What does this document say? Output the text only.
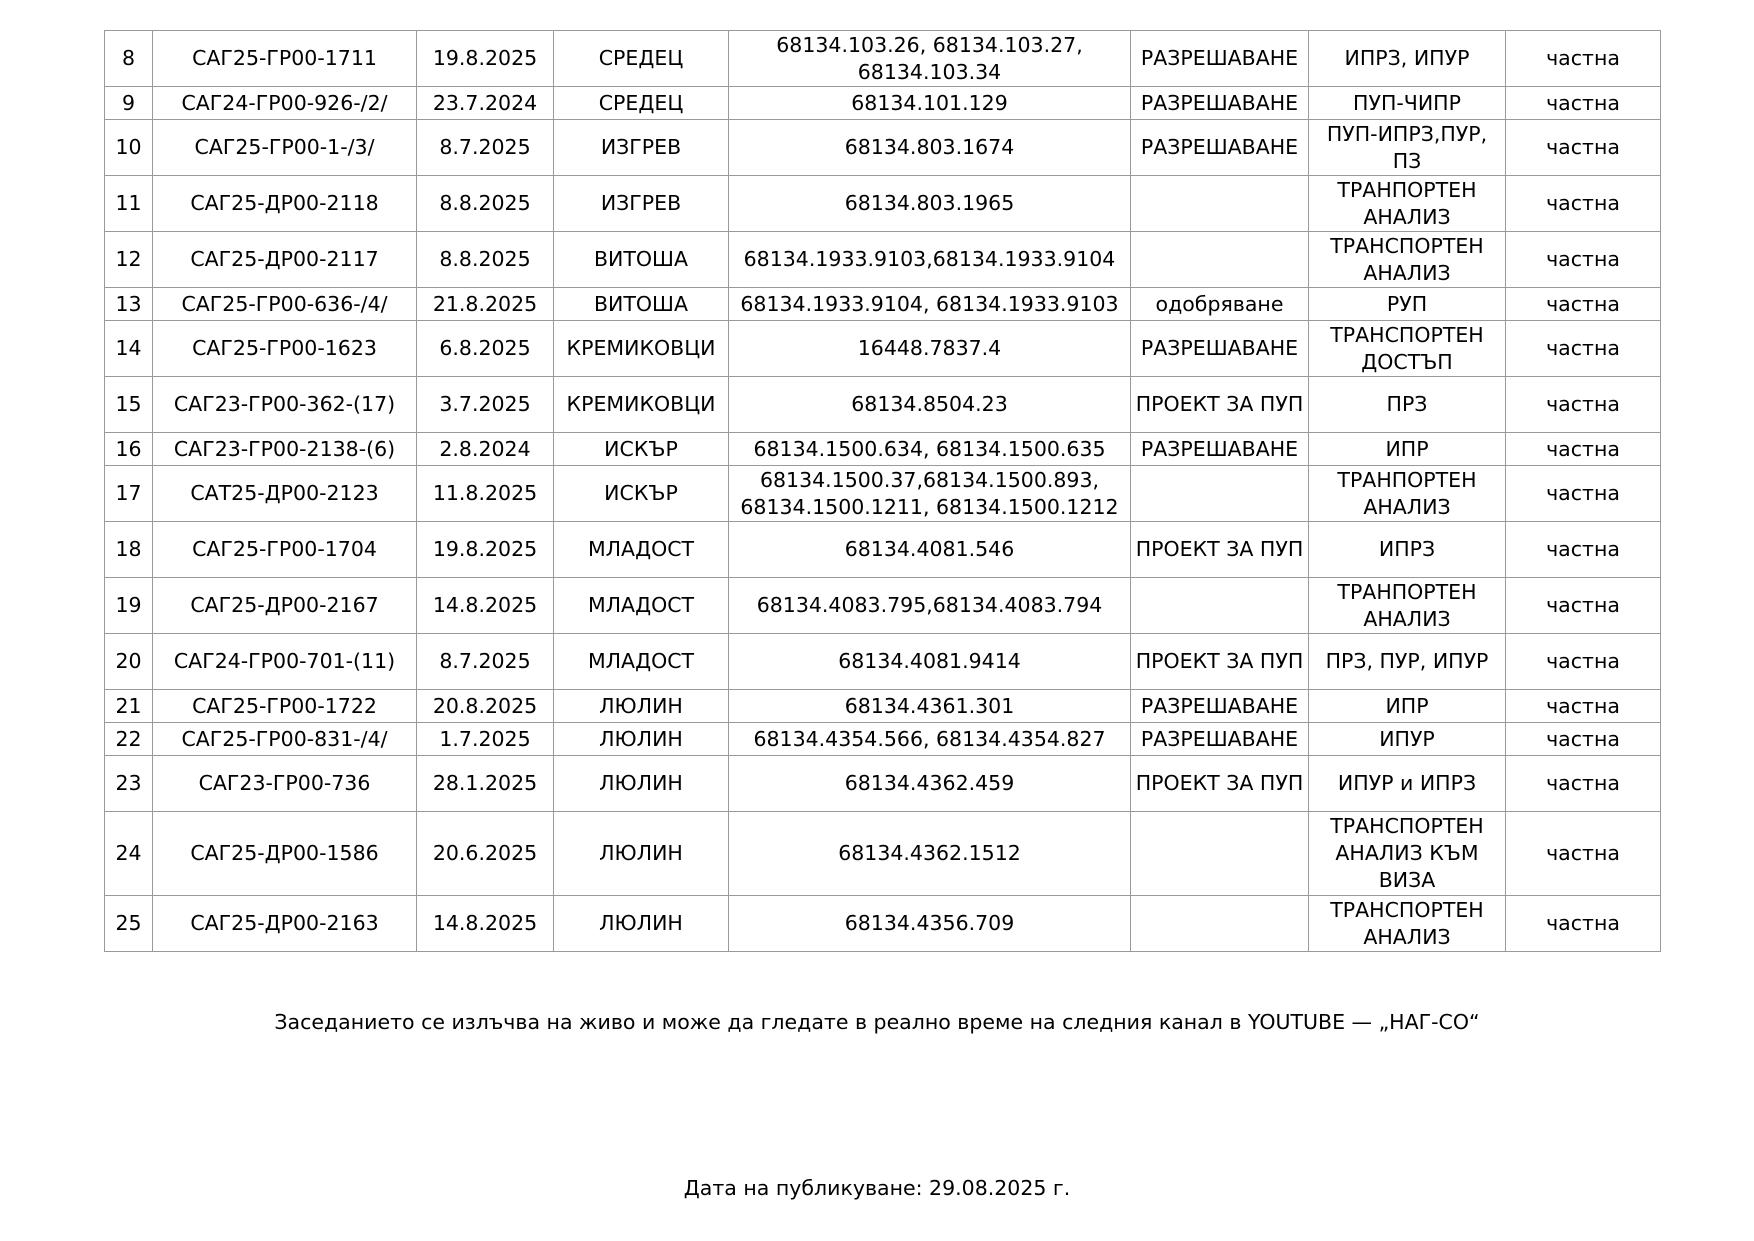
8	САГ25-ГР00-1711	19.8.2025	СРЕДЕЦ	68134.103.26, 68134.103.27, 68134.103.34	РАЗРЕШАВАНЕ	ИПРЗ, ИПУР	частна
9	САГ24-ГР00-926-/2/	23.7.2024	СРЕДЕЦ	68134.101.129	РАЗРЕШАВАНЕ	ПУП-ЧИПР	частна
10	САГ25-ГР00-1-/3/	8.7.2025	ИЗГРЕВ	68134.803.1674	РАЗРЕШАВАНЕ	ПУП-ИПРЗ,ПУР, ПЗ	частна
11	САГ25-ДР00-2118	8.8.2025	ИЗГРЕВ	68134.803.1965		ТРАНПОРТЕН АНАЛИЗ	частна
12	САГ25-ДР00-2117	8.8.2025	ВИТОША	68134.1933.9103,68134.1933.9104		ТРАНСПОРТЕН АНАЛИЗ	частна
13	САГ25-ГР00-636-/4/	21.8.2025	ВИТОША	68134.1933.9104, 68134.1933.9103	одобряване	РУП	частна
14	САГ25-ГР00-1623	6.8.2025	КРЕМИКОВЦИ	16448.7837.4	РАЗРЕШАВАНЕ	ТРАНСПОРТЕН ДОСТЪП	частна
15	САГ23-ГР00-362-(17)	3.7.2025	КРЕМИКОВЦИ	68134.8504.23	ПРОЕКТ ЗА ПУП	ПРЗ	частна
16	САГ23-ГР00-2138-(6)	2.8.2024	ИСКЪР	68134.1500.634, 68134.1500.635	РАЗРЕШАВАНЕ	ИПР	частна
17	САТ25-ДР00-2123	11.8.2025	ИСКЪР	68134.1500.37,68134.1500.893, 68134.1500.1211, 68134.1500.1212		ТРАНПОРТЕН АНАЛИЗ	частна
18	САГ25-ГР00-1704	19.8.2025	МЛАДОСТ	68134.4081.546	ПРОЕКТ ЗА ПУП	ИПРЗ	частна
19	САГ25-ДР00-2167	14.8.2025	МЛАДОСТ	68134.4083.795,68134.4083.794		ТРАНПОРТЕН АНАЛИЗ	частна
20	САГ24-ГР00-701-(11)	8.7.2025	МЛАДОСТ	68134.4081.9414	ПРОЕКТ ЗА ПУП	ПРЗ, ПУР, ИПУР	частна
21	САГ25-ГР00-1722	20.8.2025	ЛЮЛИН	68134.4361.301	РАЗРЕШАВАНЕ	ИПР	частна
22	САГ25-ГР00-831-/4/	1.7.2025	ЛЮЛИН	68134.4354.566, 68134.4354.827	РАЗРЕШАВАНЕ	ИПУР	частна
23	САГ23-ГР00-736	28.1.2025	ЛЮЛИН	68134.4362.459	ПРОЕКТ ЗА ПУП	ИПУР и ИПРЗ	частна
24	САГ25-ДР00-1586	20.6.2025	ЛЮЛИН	68134.4362.1512		ТРАНСПОРТЕН АНАЛИЗ КЪМ ВИЗА	частна
25	САГ25-ДР00-2163	14.8.2025	ЛЮЛИН	68134.4356.709		ТРАНСПОРТЕН АНАЛИЗ	частна
Заседанието се излъчва на живо и може да гледате в реално време на следния канал в YOUTUBE — „НАГ-СО“
Дата на публикуване: 29.08.2025 г.
